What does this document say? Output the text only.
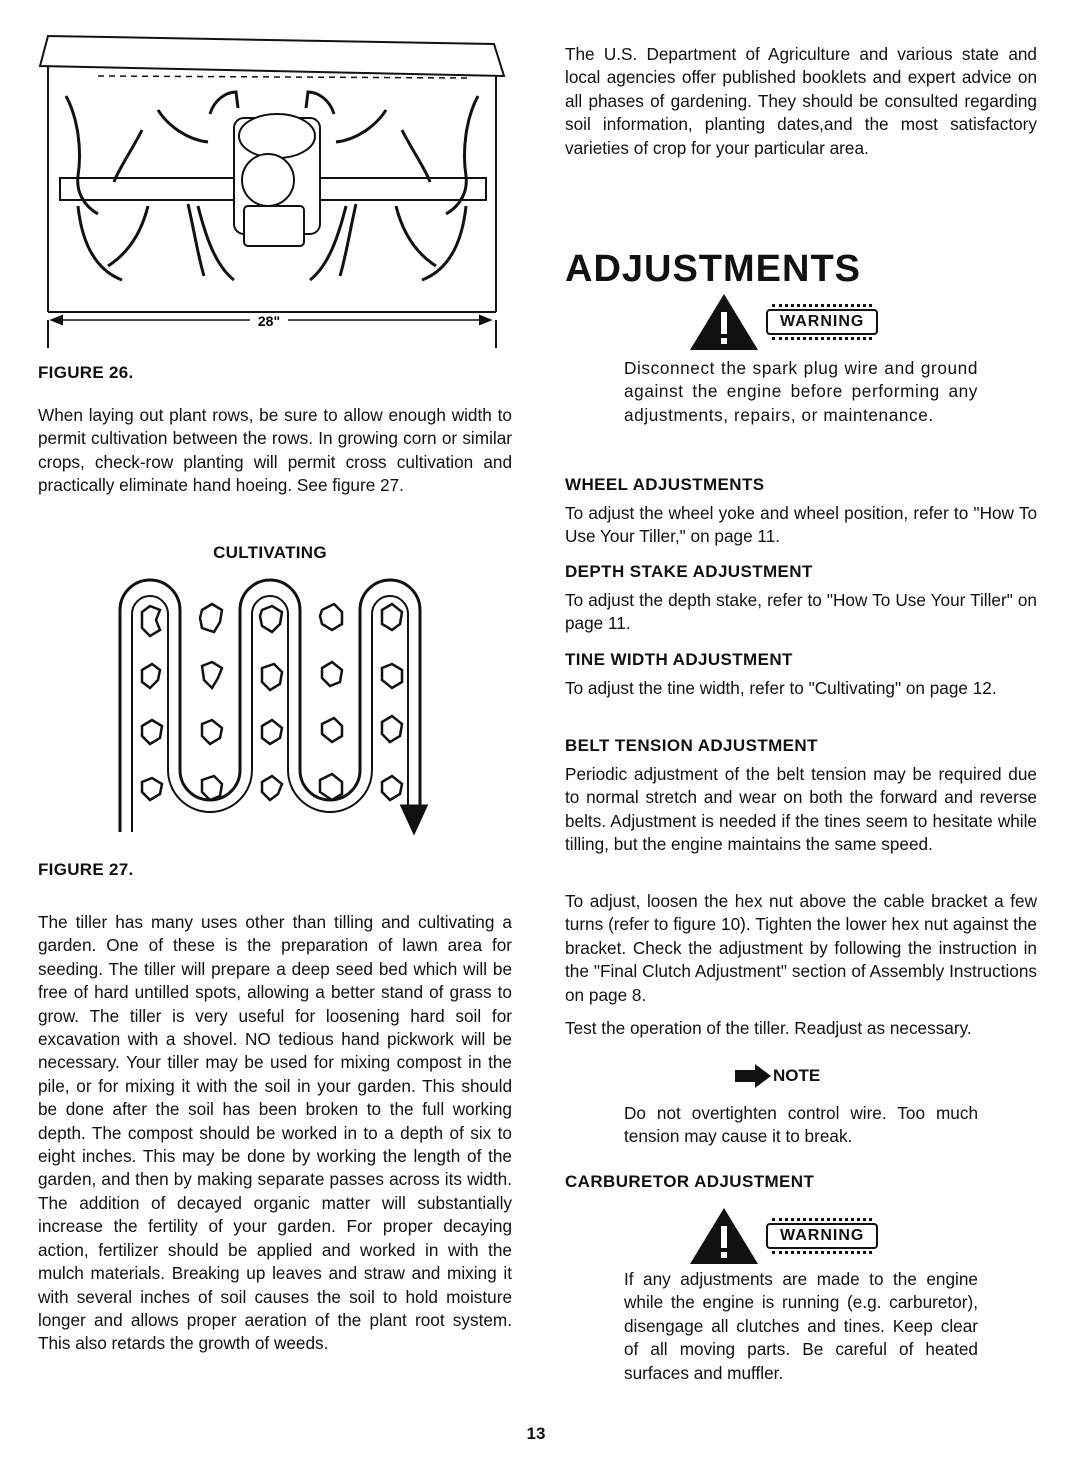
28"

FIGURE 26.

When laying out plant rows, be sure to allow enough width to permit cultivation between the rows. In growing corn or similar crops, check-row planting will permit cross cultivation and practically eliminate hand hoeing. See figure 27.

CULTIVATING

FIGURE 27.

The tiller has many uses other than tilling and cultivating a garden. One of these is the preparation of lawn area for seeding. The tiller will prepare a deep seed bed which will be free of hard untilled spots, allowing a better stand of grass to grow. The tiller is very useful for loosening hard soil for excavation with a shovel. NO tedious hand pickwork will be necessary. Your tiller may be used for mixing compost in the pile, or for mixing it with the soil in your garden. This should be done after the soil has been broken to the full working depth. The compost should be worked in to a depth of six to eight inches. This may be done by working the length of the garden, and then by making separate passes across its width. The addition of decayed organic matter will substantially increase the fertility of your garden. For proper decaying action, fertilizer should be applied and worked in with the mulch materials. Breaking up leaves and straw and mixing it with several inches of soil causes the soil to hold moisture longer and allows proper aeration of the plant root system. This also retards the growth of weeds.

The U.S. Department of Agriculture and various state and local agencies offer published booklets and expert advice on all phases of gardening. They should be consulted regarding soil information, planting dates,and the most satisfactory varieties of crop for your particular area.

ADJUSTMENTS
WARNING

Disconnect the spark plug wire and ground against the engine before performing any adjustments, repairs, or maintenance.

WHEEL ADJUSTMENTS

To adjust the wheel yoke and wheel position, refer to "How To Use Your Tiller," on page 11.

DEPTH STAKE ADJUSTMENT

To adjust the depth stake, refer to "How To Use Your Tiller" on page 11.

TINE WIDTH ADJUSTMENT

To adjust the tine width, refer to "Cultivating" on page 12.

BELT TENSION ADJUSTMENT

Periodic adjustment of the belt tension may be required due to normal stretch and wear on both the forward and reverse belts. Adjustment is needed if the tines seem to hesitate while tilling, but the engine maintains the same speed.

To adjust, loosen the hex nut above the cable bracket a few turns (refer to figure 10). Tighten the lower hex nut against the bracket. Check the adjustment by following the instruction in the "Final Clutch Adjustment" section of Assembly Instructions on page 8.

Test the operation of the tiller. Readjust as necessary.

NOTE

Do not overtighten control wire. Too much tension may cause it to break.

CARBURETOR ADJUSTMENT

WARNING

If any adjustments are made to the engine while the engine is running (e.g. carburetor), disengage all clutches and tines. Keep clear of all moving parts. Be careful of heated surfaces and muffler.

13
